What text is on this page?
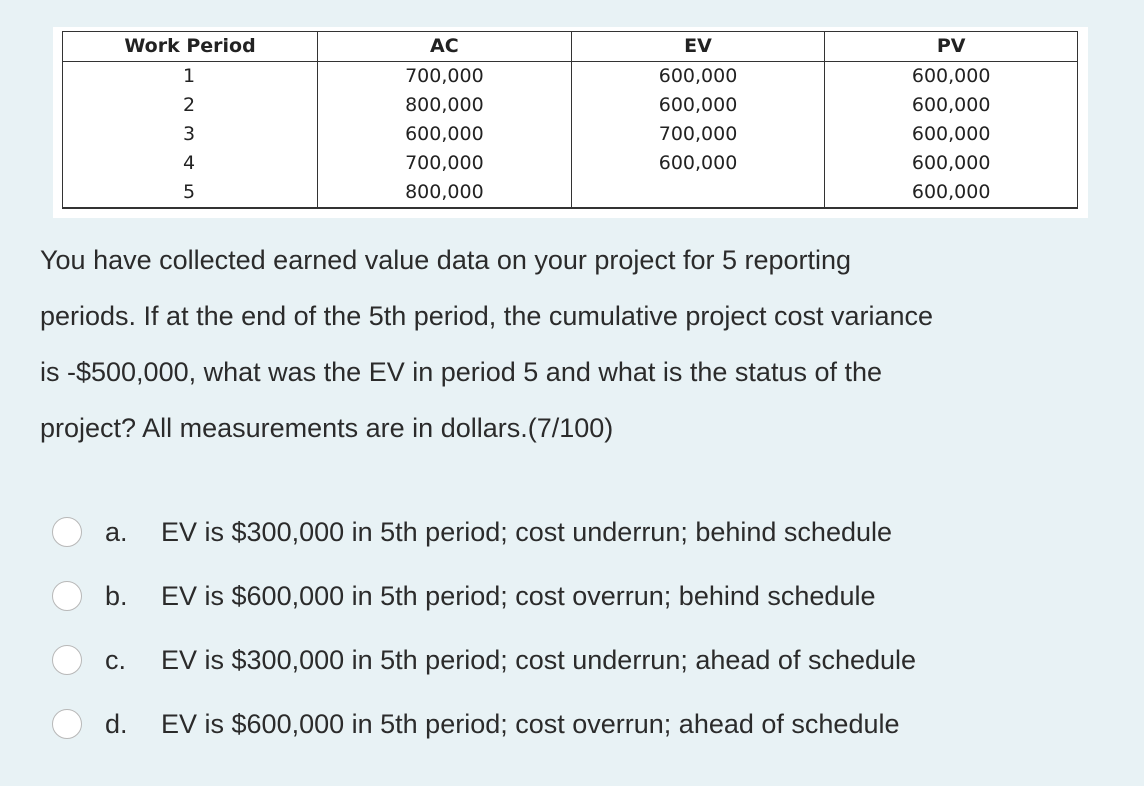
Work Period	AC	EV	PV
1	700,000	600,000	600,000
2	800,000	600,000	600,000
3	600,000	700,000	600,000
4	700,000	600,000	600,000
5	800,000		600,000

You have collected earned value data on your project for 5 reporting

periods. If at the end of the 5th period, the cumulative project cost variance

is -$500,000, what was the EV in period 5 and what is the status of the

project? All measurements are in dollars.(7/100)

a.	EV is $300,000 in 5th period; cost underrun; behind schedule
b.	EV is $600,000 in 5th period; cost overrun; behind schedule
c.	EV is $300,000 in 5th period; cost underrun; ahead of schedule
d.	EV is $600,000 in 5th period; cost overrun; ahead of schedule
